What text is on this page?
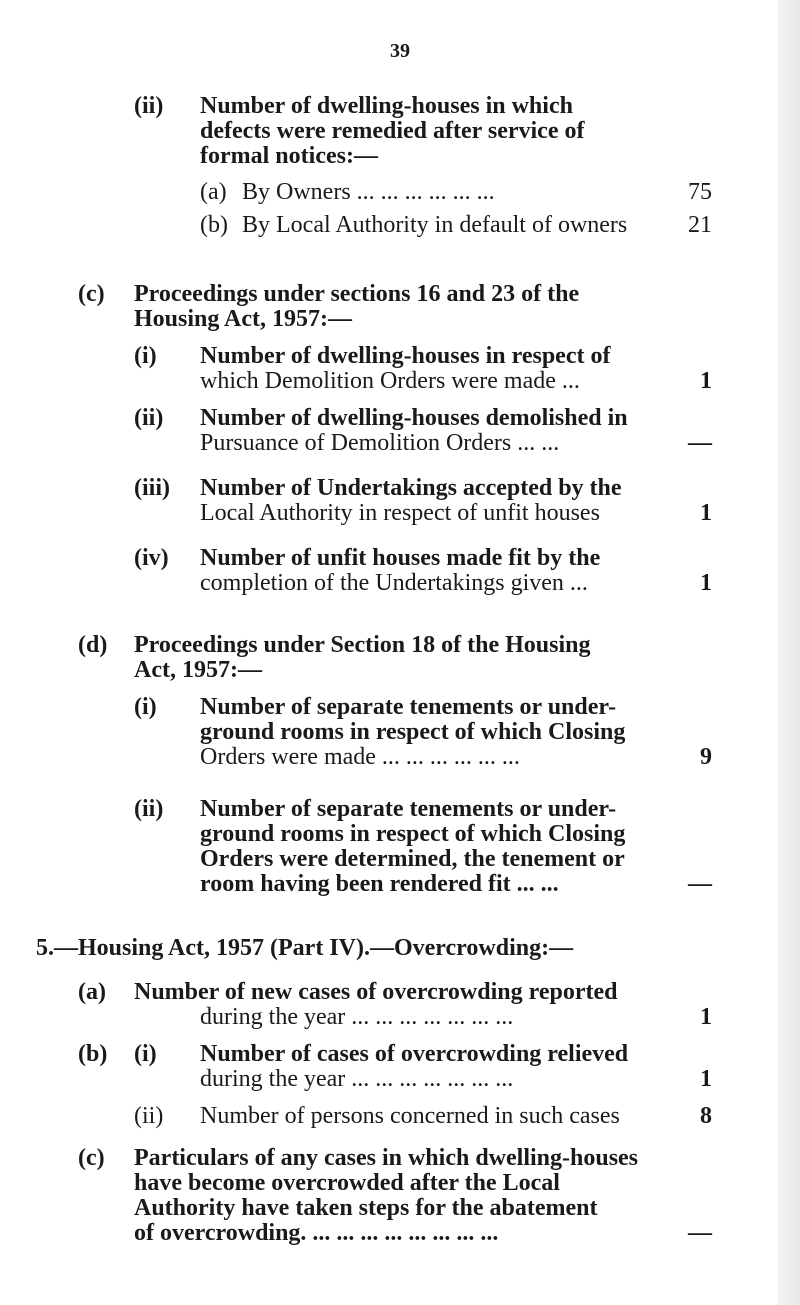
39
(ii) Number of dwelling-houses in which
defects were remedied after service of
formal notices:—
(a) By Owners ... ... ... ... ... ...	75
(b) By Local Authority in default of owners	21
(c) Proceedings under sections 16 and 23 of the
Housing Act, 1957:—
(i) Number of dwelling-houses in respect of
which Demolition Orders were made ...	1
(ii) Number of dwelling-houses demolished in
Pursuance of Demolition Orders ... ...	—
(iii) Number of Undertakings accepted by the
Local Authority in respect of unfit houses	1
(iv) Number of unfit houses made fit by the
completion of the Undertakings given ...	1
(d) Proceedings under Section 18 of the Housing
Act, 1957:—
(i) Number of separate tenements or under-
ground rooms in respect of which Closing
Orders were made ... ... ... ... ... ...	9
(ii) Number of separate tenements or under-
ground rooms in respect of which Closing
Orders were determined, the tenement or
room having been rendered fit ... ...	—
5.—Housing Act, 1957 (Part IV).—Overcrowding:—
(a) Number of new cases of overcrowding reported
during the year ... ... ... ... ... ... ...	1
(b) (i) Number of cases of overcrowding relieved
during the year ... ... ... ... ... ... ...	1
(ii) Number of persons concerned in such cases	8
(c) Particulars of any cases in which dwelling-houses
have become overcrowded after the Local
Authority have taken steps for the abatement
of overcrowding. ... ... ... ... ... ... ... ...	—
